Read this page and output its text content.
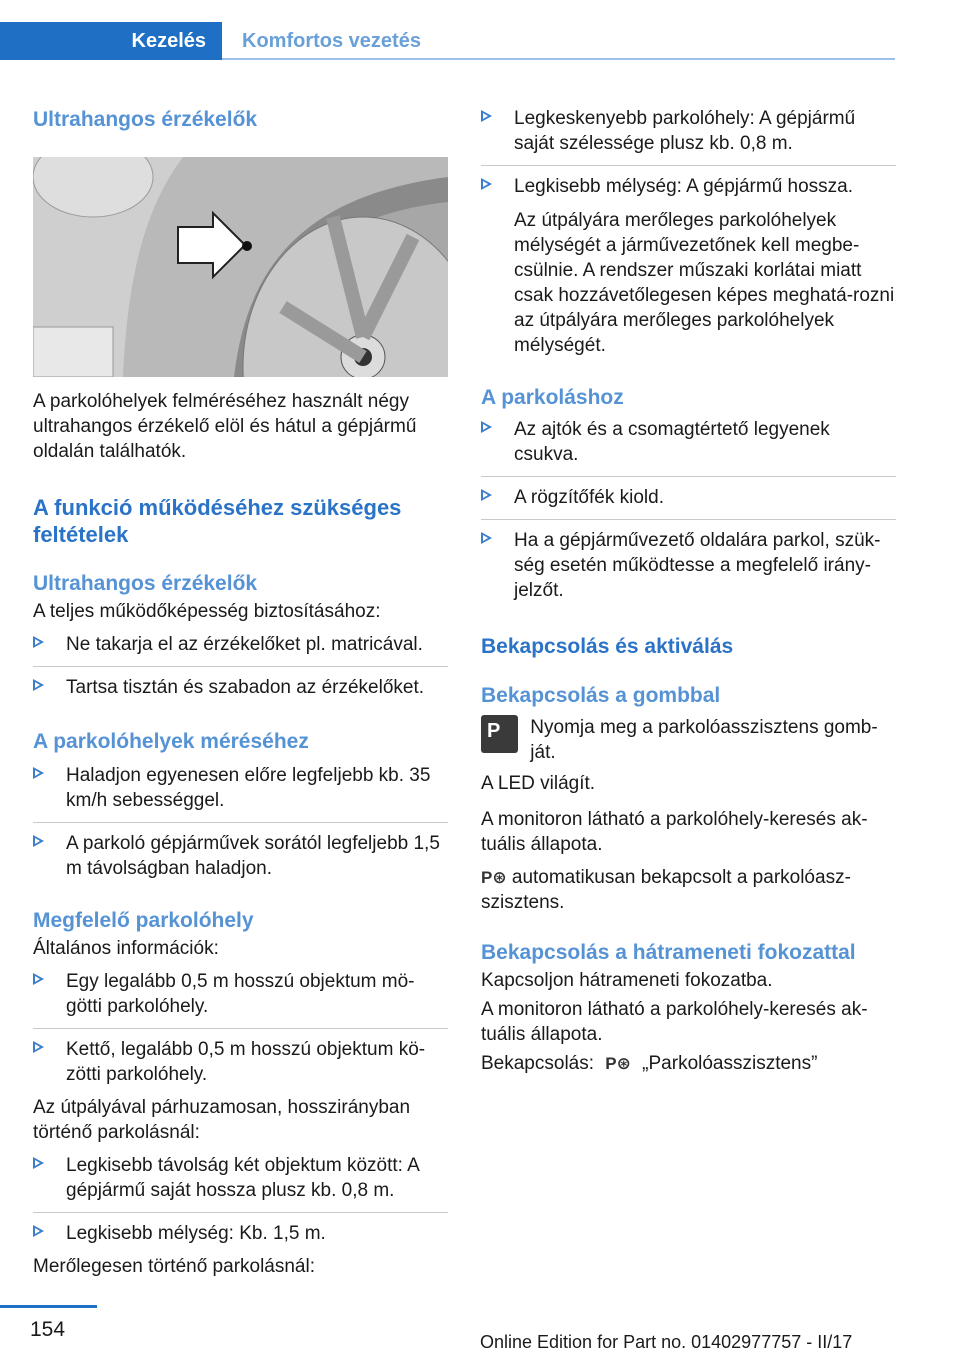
Kezelés	Komfortos vezetés
Ultrahangos érzékelők

A parkolóhelyek felméréséhez használt négy ultrahangos érzékelő elöl és hátul a gépjármű oldalán találhatók.

A funkció működéséhez szükséges feltételek
Ultrahangos érzékelők

A teljes működőképesség biztosításához:

Ne takarja el az érzékelőket pl. matricával.
Tartsa tisztán és szabadon az érzékelőket.
A parkolóhelyek méréséhez
Haladjon egyenesen előre legfeljebb kb. 35 km/h sebességgel.
A parkoló gépjárművek sorától legfeljebb 1,5 m távolságban haladjon.
Megfelelő parkolóhely

Általános információk:

Egy legalább 0,5 m hosszú objektum mö-götti parkolóhely.
Kettő, legalább 0,5 m hosszú objektum kö-zötti parkolóhely.

Az útpályával párhuzamosan, hosszirányban történő parkolásnál:

Legkisebb távolság két objektum között: A gépjármű saját hossza plusz kb. 0,8 m.
Legkisebb mélység: Kb. 1,5 m.

Merőlegesen történő parkolásnál:

Legkeskenyebb parkolóhely: A gépjármű saját szélessége plusz kb. 0,8 m.
Legkisebb mélység: A gépjármű hossza.

Az útpályára merőleges parkolóhelyek mélységét a járművezetőnek kell megbe-csülnie. A rendszer műszaki korlátai miatt csak hozzávetőlegesen képes meghatá-rozni az útpályára merőleges parkolóhelyek mélységét.

A parkoláshoz
Az ajtók és a csomagtértető legyenek csukva.
A rögzítőfék kiold.
Ha a gépjárművezető oldalára parkol, szük-ség esetén működtesse a megfelelő irány-jelzőt.
Bekapcsolás és aktiválás
Bekapcsolás a gombbal
P Nyomja meg a parkolóasszisztens gomb-ját.

A LED világít.

A monitoron látható a parkolóhely-keresés ak-tuális állapota.

P⊛ automatikusan bekapcsolt a parkolóasz-szisztens.

Bekapcsolás a hátrameneti fokozattal

Kapcsoljon hátrameneti fokozatba.

A monitoron látható a parkolóhely-keresés ak-tuális állapota.

Bekapcsolás: P⊛ „Parkolóasszisztens”

154
Online Edition for Part no. 01402977757 - II/17
